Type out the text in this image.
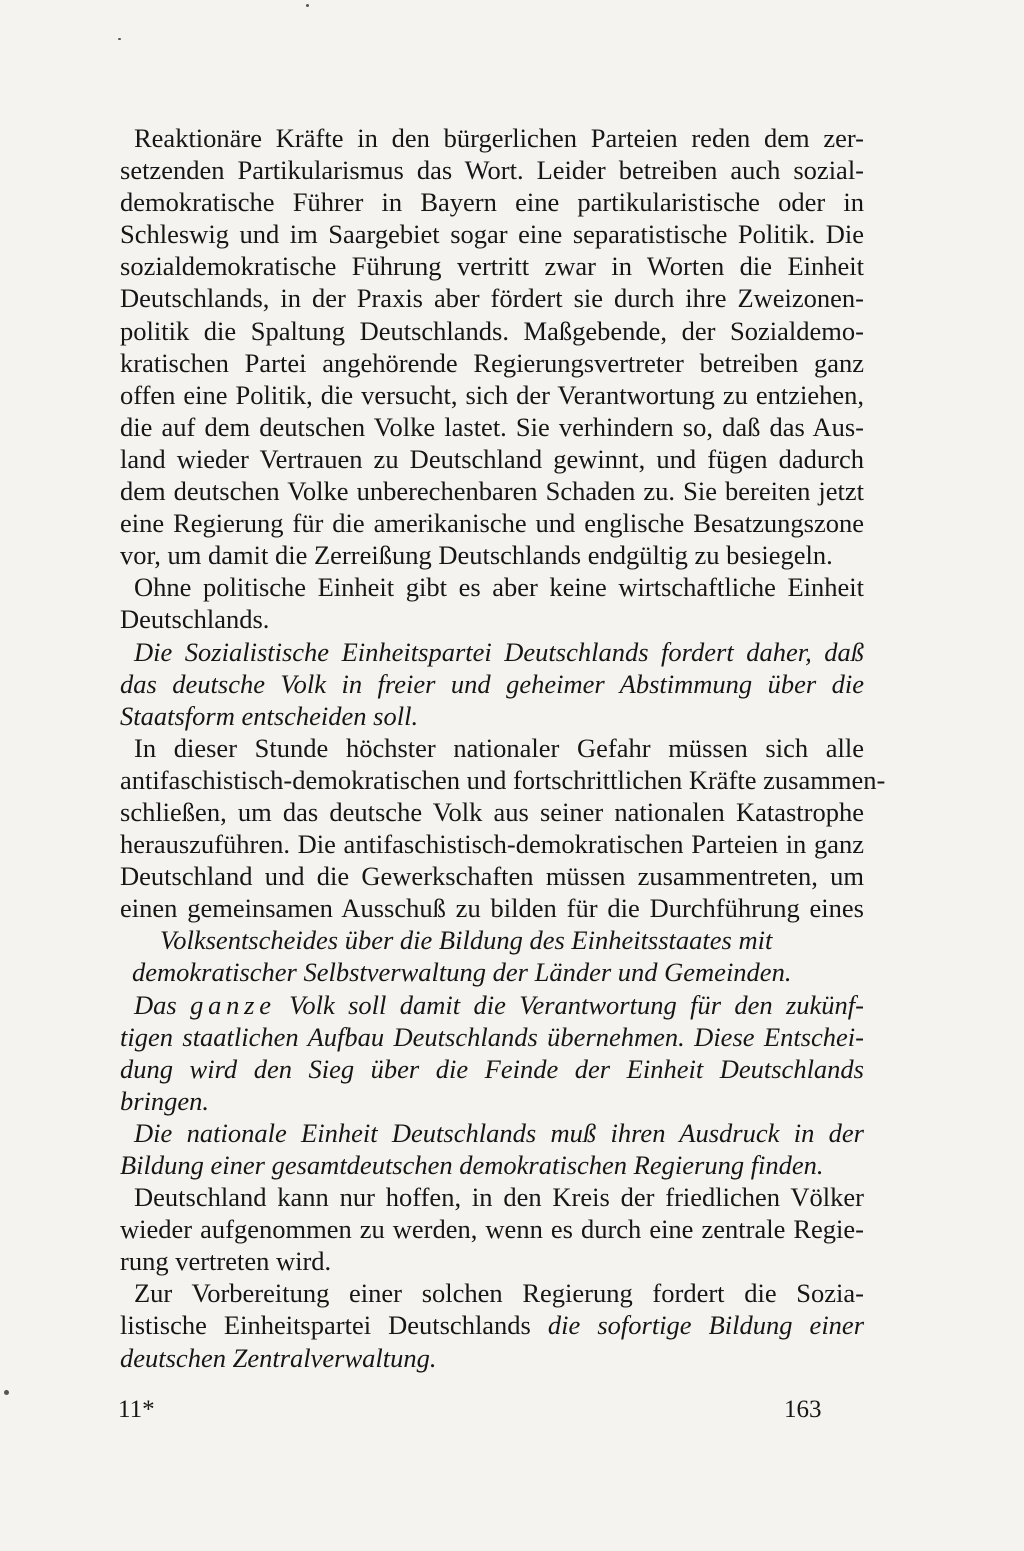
Reaktionäre Kräfte in den bürgerlichen Parteien reden dem zer-
setzenden Partikularismus das Wort. Leider betreiben auch sozial-
demokratische Führer in Bayern eine partikularistische oder in
Schleswig und im Saargebiet sogar eine separatistische Politik. Die
sozialdemokratische Führung vertritt zwar in Worten die Einheit
Deutschlands, in der Praxis aber fördert sie durch ihre Zweizonen-
politik die Spaltung Deutschlands. Maßgebende, der Sozialdemo-
kratischen Partei angehörende Regierungsvertreter betreiben ganz
offen eine Politik, die versucht, sich der Verantwortung zu entziehen,
die auf dem deutschen Volke lastet. Sie verhindern so, daß das Aus-
land wieder Vertrauen zu Deutschland gewinnt, und fügen dadurch
dem deutschen Volke unberechenbaren Schaden zu. Sie bereiten jetzt
eine Regierung für die amerikanische und englische Besatzungszone
vor, um damit die Zerreißung Deutschlands endgültig zu besiegeln.
Ohne politische Einheit gibt es aber keine wirtschaftliche Einheit
Deutschlands.
Die Sozialistische Einheitspartei Deutschlands fordert daher, daß
das deutsche Volk in freier und geheimer Abstimmung über die
Staatsform entscheiden soll.
In dieser Stunde höchster nationaler Gefahr müssen sich alle
antifaschistisch-demokratischen und fortschrittlichen Kräfte zusammen-
schließen, um das deutsche Volk aus seiner nationalen Katastrophe
herauszuführen. Die antifaschistisch-demokratischen Parteien in ganz
Deutschland und die Gewerkschaften müssen zusammentreten, um
einen gemeinsamen Ausschuß zu bilden für die Durchführung eines
Volksentscheides über die Bildung des Einheitsstaates mit
demokratischer Selbstverwaltung der Länder und Gemeinden.
Das ganze Volk soll damit die Verantwortung für den zukünf-
tigen staatlichen Aufbau Deutschlands übernehmen. Diese Entschei-
dung wird den Sieg über die Feinde der Einheit Deutschlands
bringen.
Die nationale Einheit Deutschlands muß ihren Ausdruck in der
Bildung einer gesamtdeutschen demokratischen Regierung finden.
Deutschland kann nur hoffen, in den Kreis der friedlichen Völker
wieder aufgenommen zu werden, wenn es durch eine zentrale Regie-
rung vertreten wird.
Zur Vorbereitung einer solchen Regierung fordert die Sozia-
listische Einheitspartei Deutschlands die sofortige Bildung einer
deutschen Zentralverwaltung.
11*	163
